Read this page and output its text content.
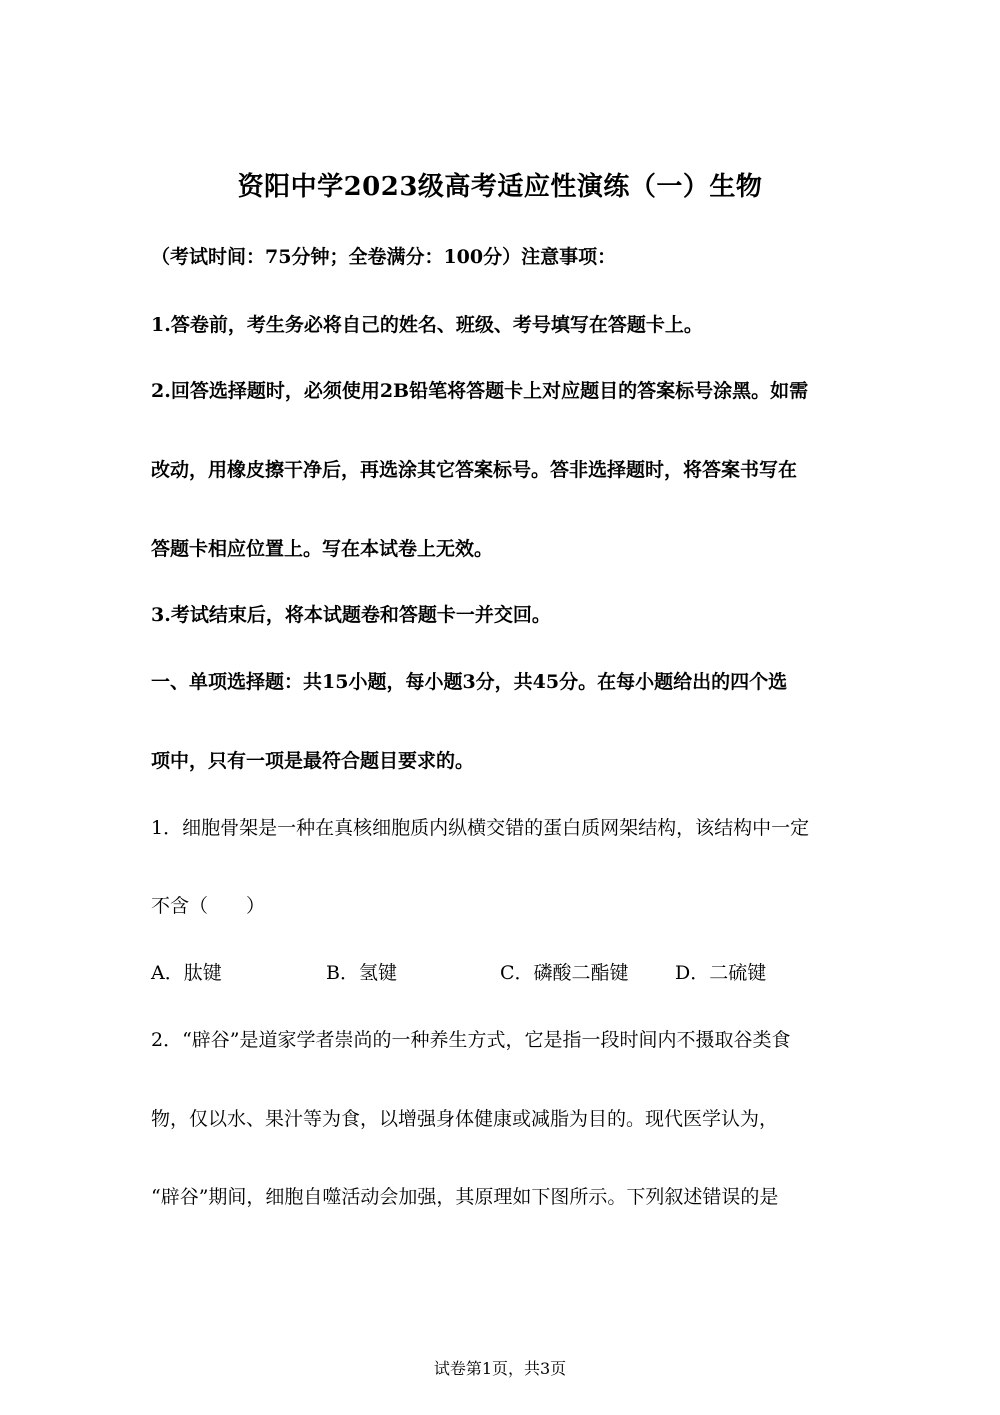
资阳中学2023级高考适应性演练（一）生物
（考试时间：75分钟；全卷满分：100分）注意事项：
1.答卷前，考生务必将自己的姓名、班级、考号填写在答题卡上。
2.回答选择题时，必须使用2B铅笔将答题卡上对应题目的答案标号涂黑。如需
改动，用橡皮擦干净后，再选涂其它答案标号。答非选择题时，将答案书写在
答题卡相应位置上。写在本试卷上无效。
3.考试结束后，将本试题卷和答题卡一并交回。
一、单项选择题：共15小题，每小题3分，共45分。在每小题给出的四个选
项中，只有一项是最符合题目要求的。
1．细胞骨架是一种在真核细胞质内纵横交错的蛋白质网架结构，该结构中一定
不含（　　）
A．肽键	B．氢键	C．磷酸二酯键 D．二硫键
2．“辟谷”是道家学者崇尚的一种养生方式，它是指一段时间内不摄取谷类食
物，仅以水、果汁等为食，以增强身体健康或减脂为目的。现代医学认为，
“辟谷”期间，细胞自噬活动会加强，其原理如下图所示。下列叙述错误的是
试卷第1页，共3页
